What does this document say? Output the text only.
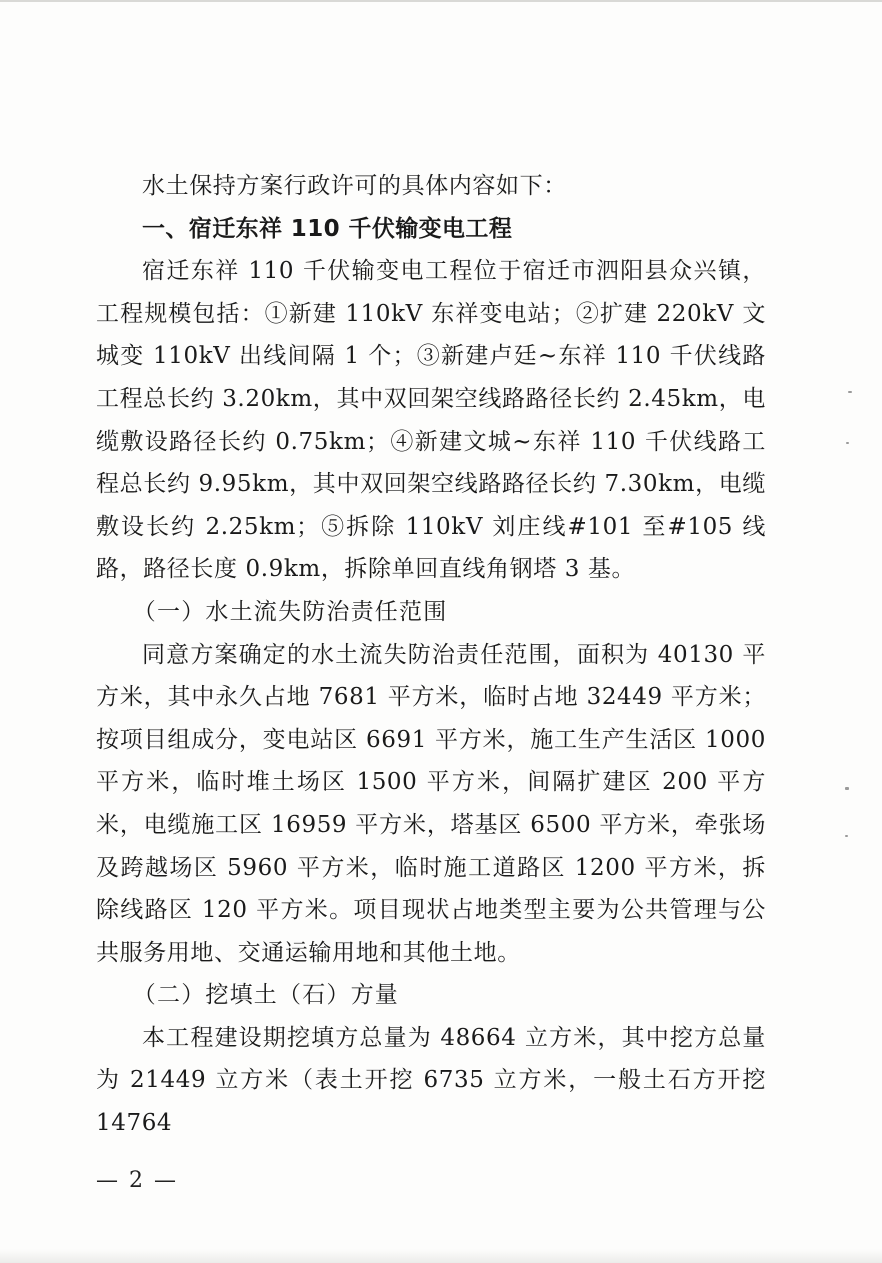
水土保持方案行政许可的具体内容如下：

一、宿迁东祥 110 千伏输变电工程

宿迁东祥 110 千伏输变电工程位于宿迁市泗阳县众兴镇，工程规模包括：①新建 110kV 东祥变电站；②扩建 220kV 文城变 110kV 出线间隔 1 个；③新建卢廷~东祥 110 千伏线路工程总长约 3.20km，其中双回架空线路路径长约 2.45km，电缆敷设路径长约 0.75km；④新建文城~东祥 110 千伏线路工程总长约 9.95km，其中双回架空线路路径长约 7.30km，电缆敷设长约 2.25km；⑤拆除 110kV 刘庄线#101 至#105 线路，路径长度 0.9km，拆除单回直线角钢塔 3 基。

（一）水土流失防治责任范围

同意方案确定的水土流失防治责任范围，面积为 40130 平方米，其中永久占地 7681 平方米，临时占地 32449 平方米；按项目组成分，变电站区 6691 平方米，施工生产生活区 1000 平方米，临时堆土场区 1500 平方米，间隔扩建区 200 平方米，电缆施工区 16959 平方米，塔基区 6500 平方米，牵张场及跨越场区 5960 平方米，临时施工道路区 1200 平方米，拆除线路区 120 平方米。项目现状占地类型主要为公共管理与公共服务用地、交通运输用地和其他土地。

（二）挖填土（石）方量

本工程建设期挖填方总量为 48664 立方米，其中挖方总量为 21449 立方米（表土开挖 6735 立方米，一般土石方开挖 14764

— 2 —
